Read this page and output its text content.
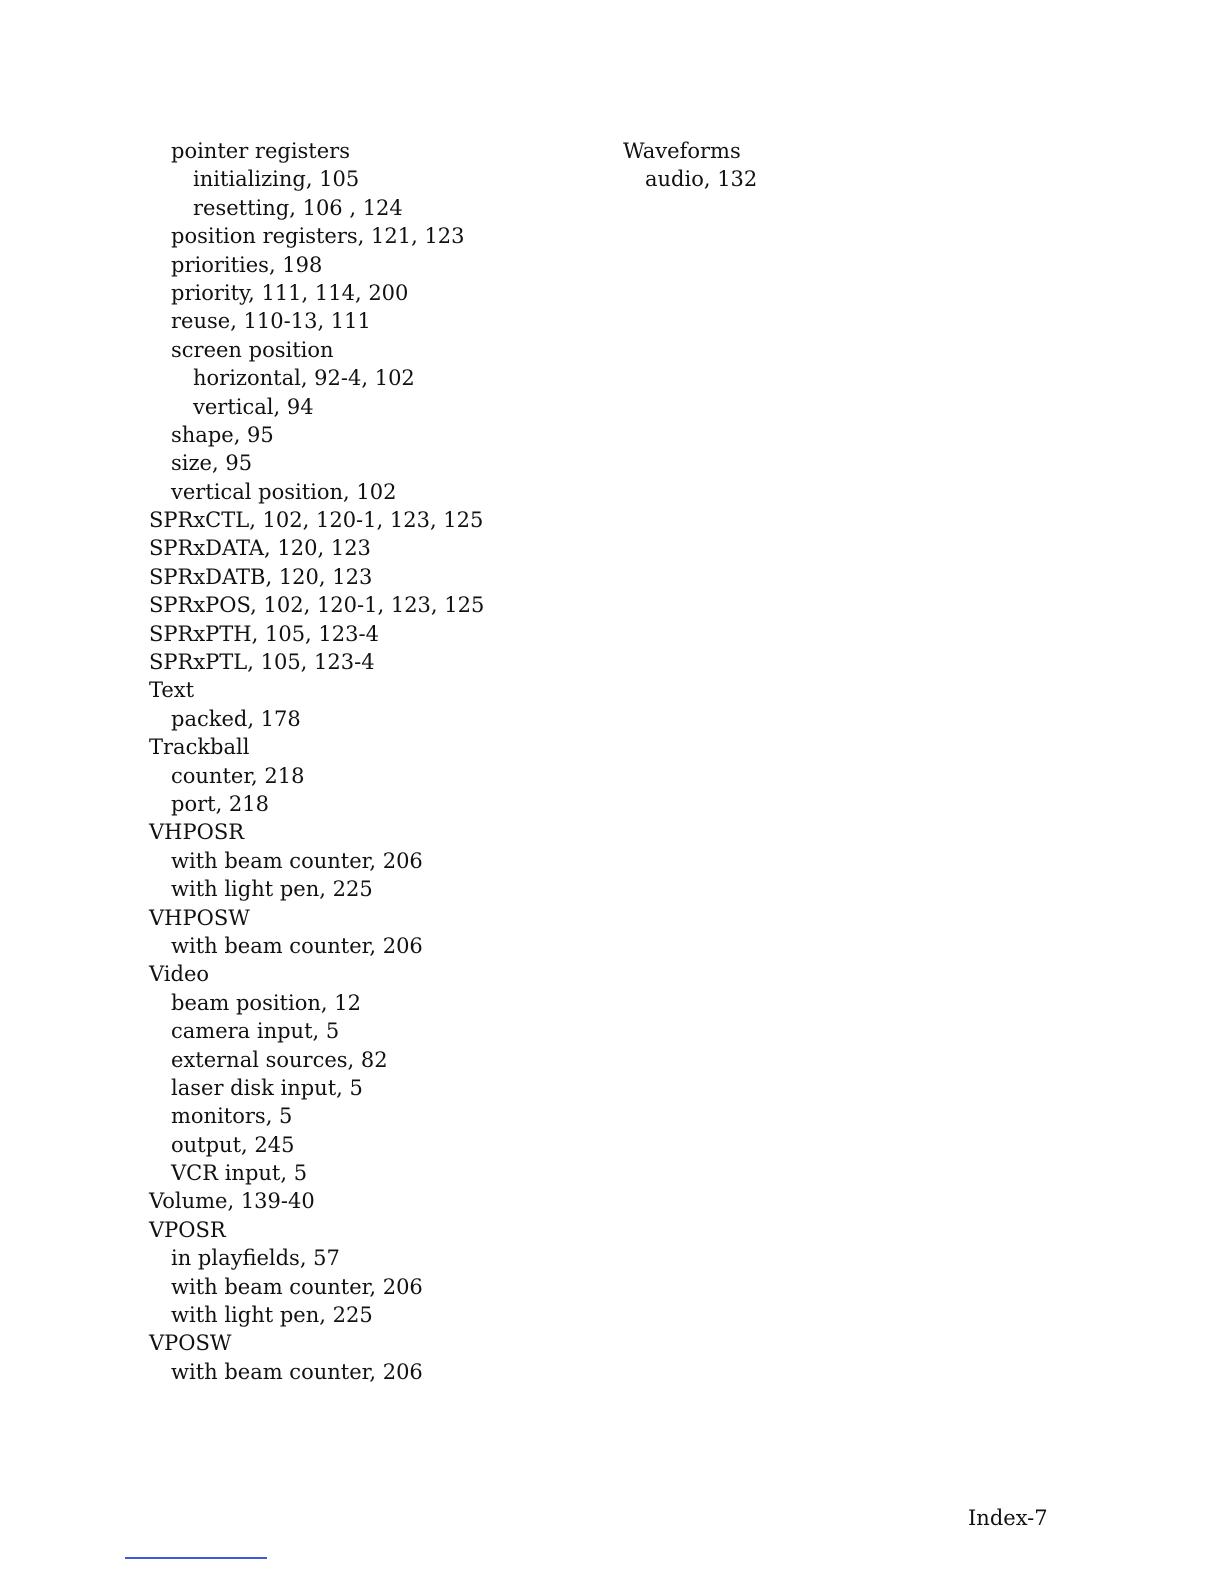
pointer registers
initializing, 105
resetting, 106 , 124
position registers, 121, 123
priorities, 198
priority, 111, 114, 200
reuse, 110-13, 111
screen position
horizontal, 92-4, 102
vertical, 94
shape, 95
size, 95
vertical position, 102
SPRxCTL, 102, 120-1, 123, 125
SPRxDATA, 120, 123
SPRxDATB, 120, 123
SPRxPOS, 102, 120-1, 123, 125
SPRxPTH, 105, 123-4
SPRxPTL, 105, 123-4
Text
packed, 178
Trackball
counter, 218
port, 218
VHPOSR
with beam counter, 206
with light pen, 225
VHPOSW
with beam counter, 206
Video
beam position, 12
camera input, 5
external sources, 82
laser disk input, 5
monitors, 5
output, 245
VCR input, 5
Volume, 139-40
VPOSR
in playfields, 57
with beam counter, 206
with light pen, 225
VPOSW
with beam counter, 206
Waveforms
audio, 132
Index-7
